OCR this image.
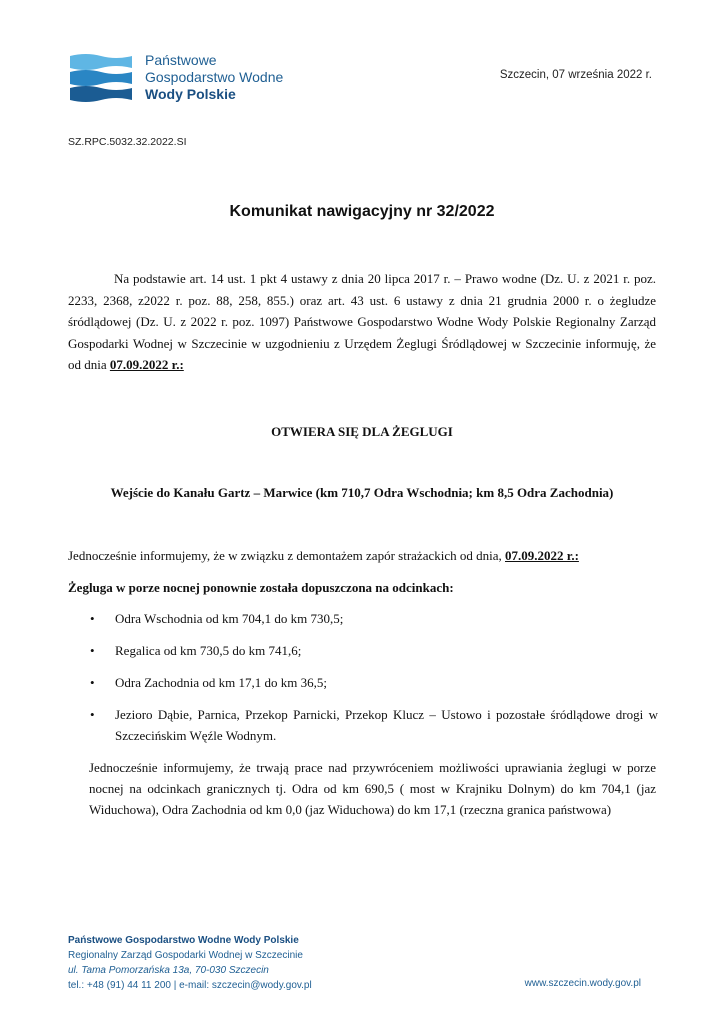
Państwowe
Gospodarstwo Wodne
Wody Polskie
Szczecin, 07 września 2022 r.
SZ.RPC.5032.32.2022.SI
Komunikat nawigacyjny nr 32/2022
Na podstawie art. 14 ust. 1 pkt 4 ustawy z dnia 20 lipca 2017 r. – Prawo wodne (Dz. U. z 2021 r. poz. 2233, 2368, z2022 r. poz. 88, 258, 855.) oraz art. 43 ust. 6 ustawy z dnia 21 grudnia 2000 r. o żegludze śródlądowej (Dz. U. z 2022 r. poz. 1097) Państwowe Gospodarstwo Wodne Wody Polskie Regionalny Zarząd Gospodarki Wodnej w Szczecinie w uzgodnieniu z Urzędem Żeglugi Śródlądowej w Szczecinie informuję, że od dnia 07.09.2022 r.:
OTWIERA SIĘ DLA ŻEGLUGI
Wejście do Kanału Gartz – Marwice (km 710,7 Odra Wschodnia; km 8,5 Odra Zachodnia)
Jednocześnie informujemy, że w związku z demontażem zapór strażackich od dnia, 07.09.2022 r.:
Żegluga w porze nocnej ponownie została dopuszczona na odcinkach:
• Odra Wschodnia od km 704,1 do km 730,5;
• Regalica od km 730,5 do km 741,6;
• Odra Zachodnia od km 17,1 do km 36,5;
• Jezioro Dąbie, Parnica, Przekop Parnicki, Przekop Klucz – Ustowo i pozostałe śródlądowe drogi w Szczecińskim Węźle Wodnym.
Jednocześnie informujemy, że trwają prace nad przywróceniem możliwości uprawiania żeglugi w porze nocnej na odcinkach granicznych tj. Odra od km 690,5 ( most w Krajniku Dolnym) do km 704,1 (jaz Widuchowa), Odra Zachodnia od km 0,0 (jaz Widuchowa) do km 17,1 (rzeczna granica państwowa)
Państwowe Gospodarstwo Wodne Wody Polskie
Regionalny Zarząd Gospodarki Wodnej w Szczecinie
ul. Tama Pomorzańska 13a, 70-030 Szczecin
tel.: +48 (91) 44 11 200 | e-mail: szczecin@wody.gov.pl	www.szczecin.wody.gov.pl
